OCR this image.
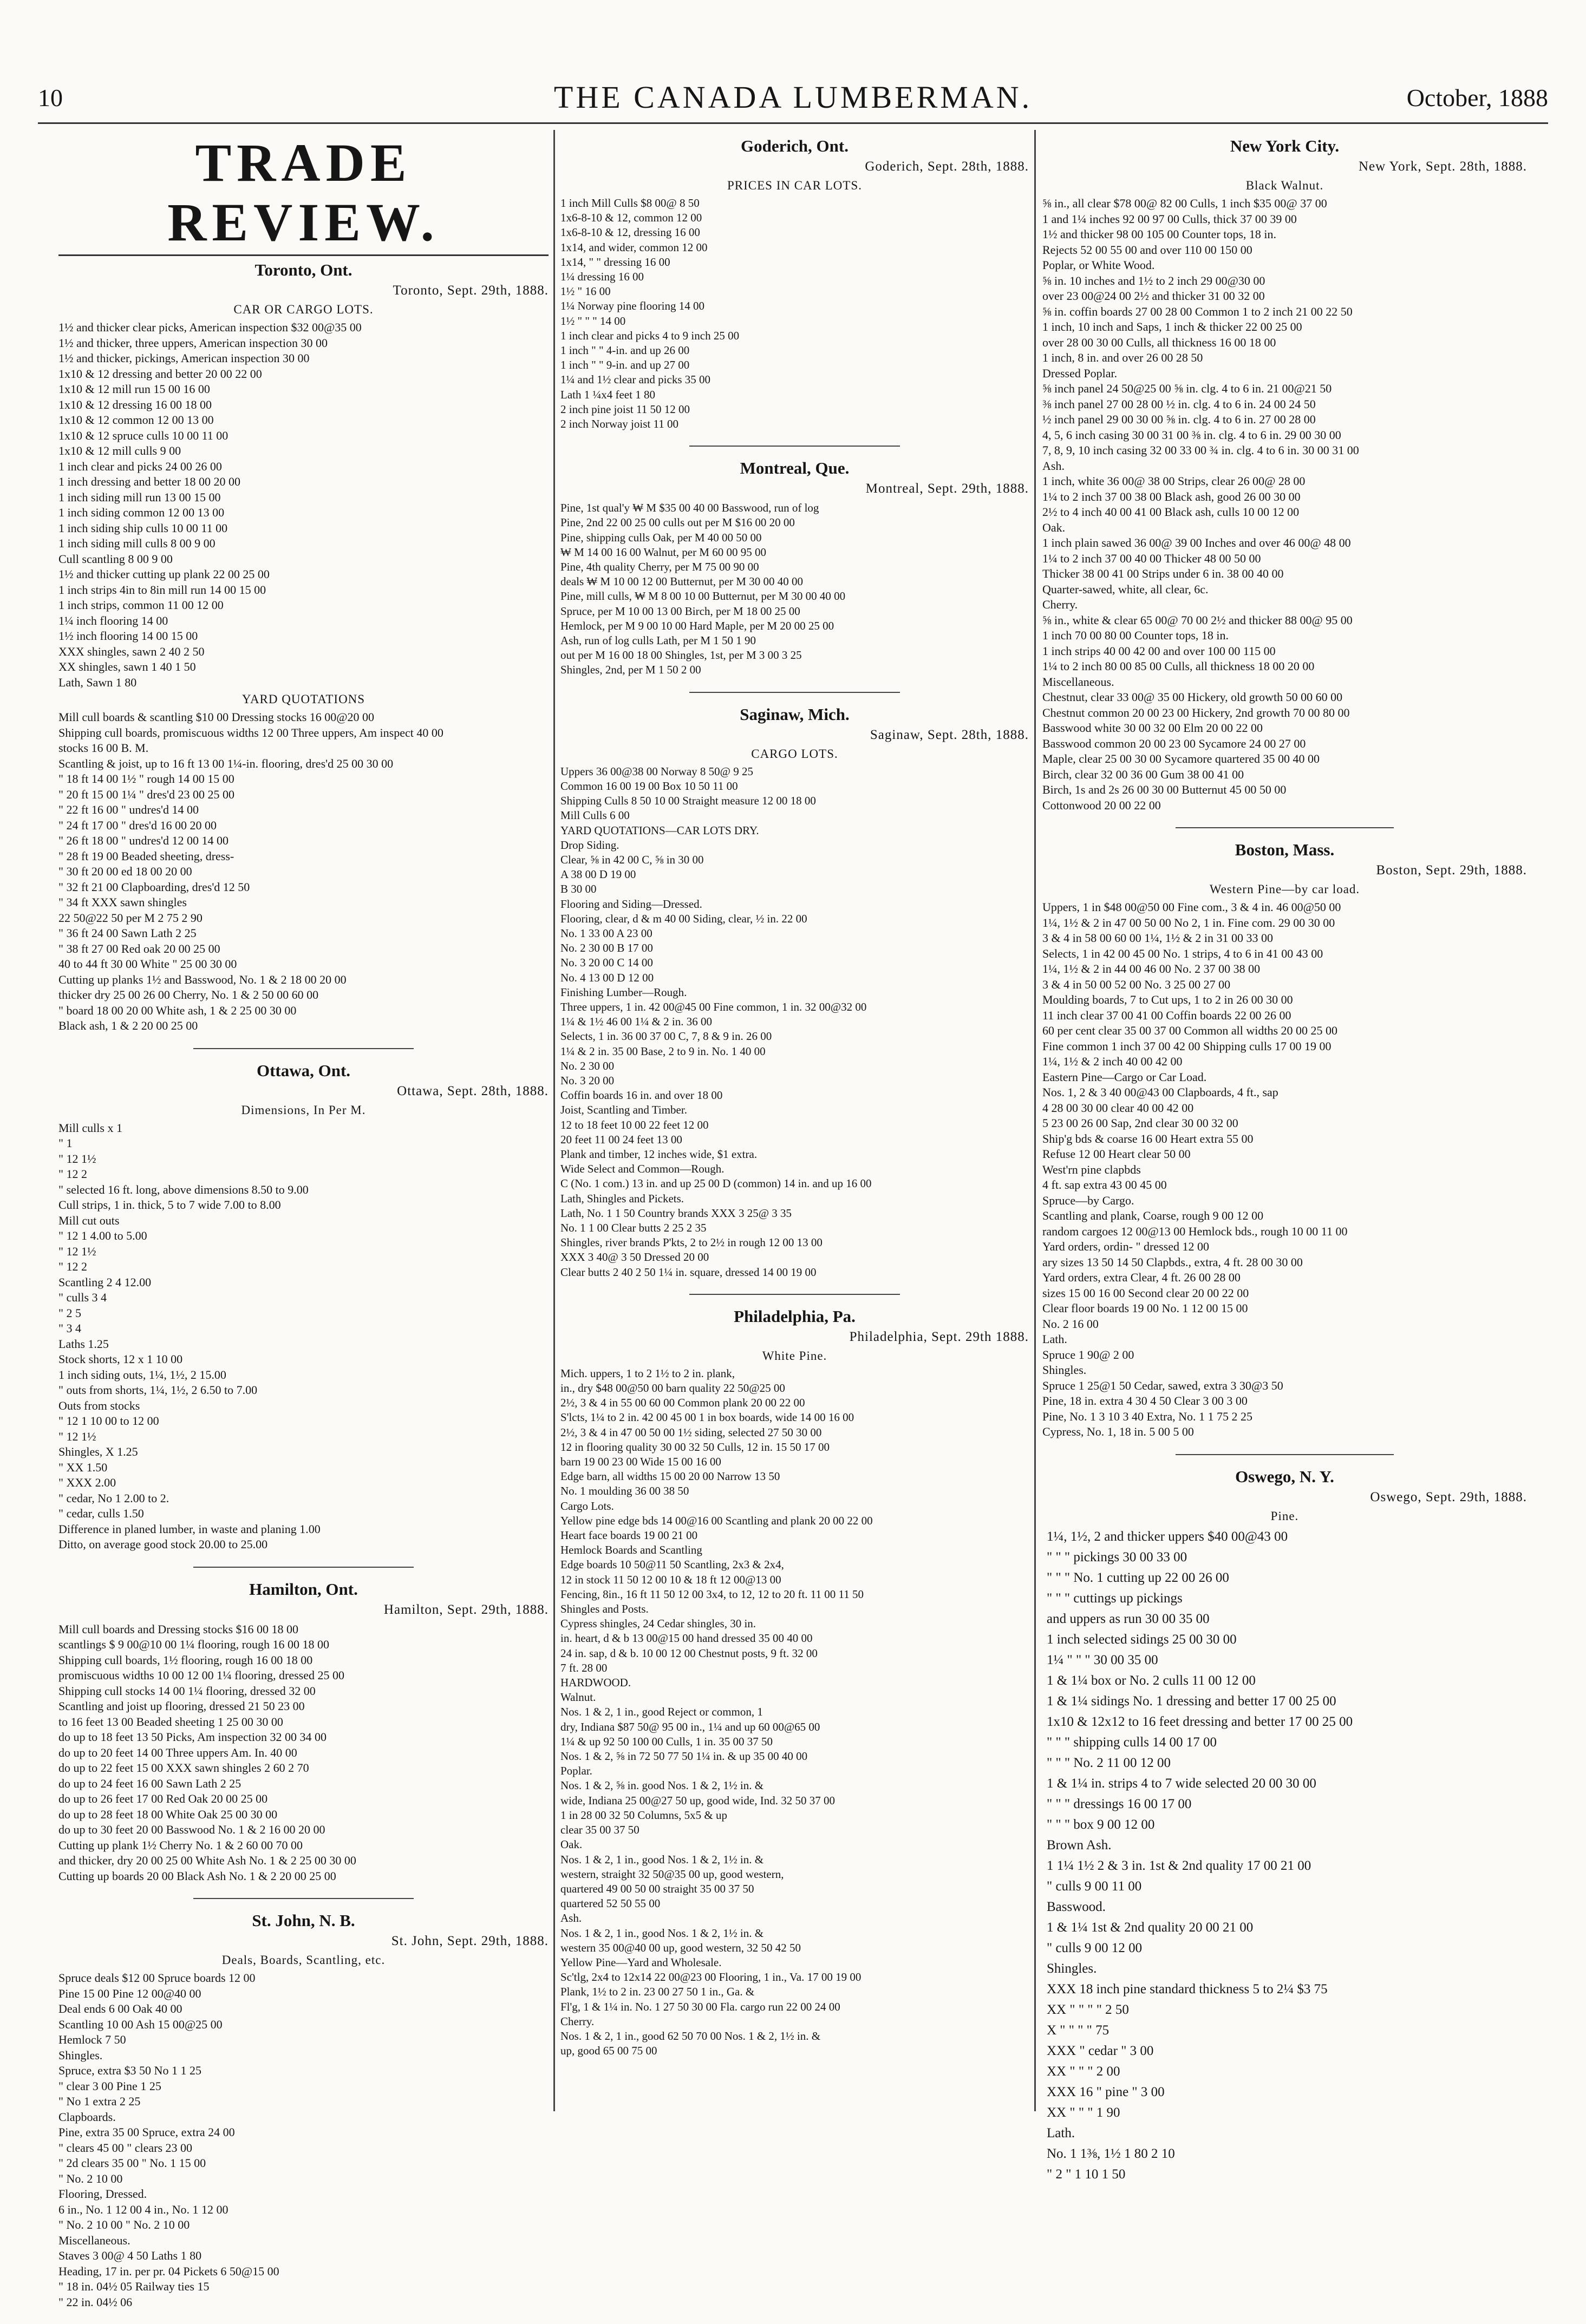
10	THE CANADA LUMBERMAN.	October, 1888
TRADE REVIEW.
Toronto, Ont.
Toronto, Sept. 29th, 1888.
CAR OR CARGO LOTS.
1½ and thicker clear picks, American inspection $32 00@35 00
1½ and thicker, three uppers, American inspection 30 00
1½ and thicker, pickings, American inspection 30 00
1x10 & 12 dressing and better 20 00 22 00
1x10 & 12 mill run 15 00 16 00
1x10 & 12 dressing 16 00 18 00
1x10 & 12 common 12 00 13 00
1x10 & 12 spruce culls 10 00 11 00
1x10 & 12 mill culls 9 00
1 inch clear and picks 24 00 26 00
1 inch dressing and better 18 00 20 00
1 inch siding mill run 13 00 15 00
1 inch siding common 12 00 13 00
1 inch siding ship culls 10 00 11 00
1 inch siding mill culls 8 00 9 00
Cull scantling 8 00 9 00
1½ and thicker cutting up plank 22 00 25 00
1 inch strips 4in to 8in mill run 14 00 15 00
1 inch strips, common 11 00 12 00
1¼ inch flooring 14 00
1½ inch flooring 14 00 15 00
XXX shingles, sawn 2 40 2 50
XX shingles, sawn 1 40 1 50
Lath, Sawn 1 80
YARD QUOTATIONS
Mill cull boards & scantling $10 00 Dressing stocks 16 00@20 00
Shipping cull boards, promiscuous widths 12 00 Three uppers, Am inspect 40 00
stocks 16 00 B. M.
Scantling & joist, up to 16 ft 13 00 1¼-in. flooring, dres'd 25 00 30 00
" 18 ft 14 00 1½ " rough 14 00 15 00
" 20 ft 15 00 1¼ " dres'd 23 00 25 00
" 22 ft 16 00 " undres'd 14 00
" 24 ft 17 00 " dres'd 16 00 20 00
" 26 ft 18 00 " undres'd 12 00 14 00
" 28 ft 19 00 Beaded sheeting, dress-
" 30 ft 20 00 ed 18 00 20 00
" 32 ft 21 00 Clapboarding, dres'd 12 50
" 34 ft XXX sawn shingles
22 50@22 50 per M 2 75 2 90
" 36 ft 24 00 Sawn Lath 2 25
" 38 ft 27 00 Red oak 20 00 25 00
40 to 44 ft 30 00 White " 25 00 30 00
Cutting up planks 1½ and Basswood, No. 1 & 2 18 00 20 00
thicker dry 25 00 26 00 Cherry, No. 1 & 2 50 00 60 00
" board 18 00 20 00 White ash, 1 & 2 25 00 30 00
Black ash, 1 & 2 20 00 25 00
Ottawa, Ont.
Ottawa, Sept. 28th, 1888.
Dimensions, In Per M.
Mill culls x 1
" 1
" 12 1½
" 12 2
" selected 16 ft. long, above dimensions 8.50 to 9.00
Cull strips, 1 in. thick, 5 to 7 wide 7.00 to 8.00
Mill cut outs
" 12 1 4.00 to 5.00
" 12 1½
" 12 2
Scantling 2 4 12.00
" culls 3 4
" 2 5
" 3 4
Laths 1.25
Stock shorts, 12 x 1 10 00
1 inch siding outs, 1¼, 1½, 2 15.00
" outs from shorts, 1¼, 1½, 2 6.50 to 7.00
Outs from stocks
" 12 1 10 00 to 12 00
" 12 1½
Shingles, X 1.25
" XX 1.50
" XXX 2.00
" cedar, No 1 2.00 to 2.
" cedar, culls 1.50
Difference in planed lumber, in waste and planing 1.00
Ditto, on average good stock 20.00 to 25.00
Hamilton, Ont.
Hamilton, Sept. 29th, 1888.
Mill cull boards and Dressing stocks $16 00 18 00
scantlings $ 9 00@10 00 1¼ flooring, rough 16 00 18 00
Shipping cull boards, 1½ flooring, rough 16 00 18 00
promiscuous widths 10 00 12 00 1¼ flooring, dressed 25 00
Shipping cull stocks 14 00 1¼ flooring, dressed 32 00
Scantling and joist up flooring, dressed 21 50 23 00
to 16 feet 13 00 Beaded sheeting 1 25 00 30 00
do up to 18 feet 13 50 Picks, Am inspection 32 00 34 00
do up to 20 feet 14 00 Three uppers Am. In. 40 00
do up to 22 feet 15 00 XXX sawn shingles 2 60 2 70
do up to 24 feet 16 00 Sawn Lath 2 25
do up to 26 feet 17 00 Red Oak 20 00 25 00
do up to 28 feet 18 00 White Oak 25 00 30 00
do up to 30 feet 20 00 Basswood No. 1 & 2 16 00 20 00
Cutting up plank 1½ Cherry No. 1 & 2 60 00 70 00
and thicker, dry 20 00 25 00 White Ash No. 1 & 2 25 00 30 00
Cutting up boards 20 00 Black Ash No. 1 & 2 20 00 25 00
St. John, N. B.
St. John, Sept. 29th, 1888.
Deals, Boards, Scantling, etc.
Spruce deals $12 00 Spruce boards 12 00
Pine 15 00 Pine 12 00@40 00
Deal ends 6 00 Oak 40 00
Scantling 10 00 Ash 15 00@25 00
Hemlock 7 50
Shingles.
Spruce, extra $3 50 No 1 1 25
" clear 3 00 Pine 1 25
" No 1 extra 2 25
Clapboards.
Pine, extra 35 00 Spruce, extra 24 00
" clears 45 00 " clears 23 00
" 2d clears 35 00 " No. 1 15 00
" No. 2 10 00
Flooring, Dressed.
6 in., No. 1 12 00 4 in., No. 1 12 00
" No. 2 10 00 " No. 2 10 00
Miscellaneous.
Staves 3 00@ 4 50 Laths 1 80
Heading, 17 in. per pr. 04 Pickets 6 50@15 00
" 18 in. 04½ 05 Railway ties 15
" 22 in. 04½ 06
Goderich, Ont.
Goderich, Sept. 28th, 1888.
PRICES IN CAR LOTS.
1 inch Mill Culls $8 00@ 8 50
1x6-8-10 & 12, common 12 00
1x6-8-10 & 12, dressing 16 00
1x14, and wider, common 12 00
1x14, " " dressing 16 00
1¼ dressing 16 00
1½ " 16 00
1¼ Norway pine flooring 14 00
1½ " " " 14 00
1 inch clear and picks 4 to 9 inch 25 00
1 inch " " 4-in. and up 26 00
1 inch " " 9-in. and up 27 00
1¼ and 1½ clear and picks 35 00
Lath 1 ¼x4 feet 1 80
2 inch pine joist 11 50 12 00
2 inch Norway joist 11 00
Montreal, Que.
Montreal, Sept. 29th, 1888.
Pine, 1st qual'y ₩ M $35 00 40 00 Basswood, run of log
Pine, 2nd 22 00 25 00 culls out per M $16 00 20 00
Pine, shipping culls Oak, per M 40 00 50 00
₩ M 14 00 16 00 Walnut, per M 60 00 95 00
Pine, 4th quality Cherry, per M 75 00 90 00
deals ₩ M 10 00 12 00 Butternut, per M 30 00 40 00
Pine, mill culls, ₩ M 8 00 10 00 Butternut, per M 30 00 40 00
Spruce, per M 10 00 13 00 Birch, per M 18 00 25 00
Hemlock, per M 9 00 10 00 Hard Maple, per M 20 00 25 00
Ash, run of log culls Lath, per M 1 50 1 90
out per M 16 00 18 00 Shingles, 1st, per M 3 00 3 25
Shingles, 2nd, per M 1 50 2 00
Saginaw, Mich.
Saginaw, Sept. 28th, 1888.
CARGO LOTS.
Uppers 36 00@38 00 Norway 8 50@ 9 25
Common 16 00 19 00 Box 10 50 11 00
Shipping Culls 8 50 10 00 Straight measure 12 00 18 00
Mill Culls 6 00
YARD QUOTATIONS—CAR LOTS DRY.
Drop Siding.
Clear, ⅝ in 42 00 C, ⅝ in 30 00
A 38 00 D 19 00
B 30 00
Flooring and Siding—Dressed.
Flooring, clear, d & m 40 00 Siding, clear, ½ in. 22 00
No. 1 33 00 A 23 00
No. 2 30 00 B 17 00
No. 3 20 00 C 14 00
No. 4 13 00 D 12 00
Finishing Lumber—Rough.
Three uppers, 1 in. 42 00@45 00 Fine common, 1 in. 32 00@32 00
1¼ & 1½ 46 00 1¼ & 2 in. 36 00
Selects, 1 in. 36 00 37 00 C, 7, 8 & 9 in. 26 00
1¼ & 2 in. 35 00 Base, 2 to 9 in. No. 1 40 00
No. 2 30 00
No. 3 20 00
Coffin boards 16 in. and over 18 00
Joist, Scantling and Timber.
12 to 18 feet 10 00 22 feet 12 00
20 feet 11 00 24 feet 13 00
Plank and timber, 12 inches wide, $1 extra.
Wide Select and Common—Rough.
C (No. 1 com.) 13 in. and up 25 00 D (common) 14 in. and up 16 00
Lath, Shingles and Pickets.
Lath, No. 1 1 50 Country brands XXX 3 25@ 3 35
No. 1 1 00 Clear butts 2 25 2 35
Shingles, river brands P'kts, 2 to 2½ in rough 12 00 13 00
XXX 3 40@ 3 50 Dressed 20 00
Clear butts 2 40 2 50 1¼ in. square, dressed 14 00 19 00
Philadelphia, Pa.
Philadelphia, Sept. 29th 1888.
White Pine.
Mich. uppers, 1 to 2 1½ to 2 in. plank,
in., dry $48 00@50 00 barn quality 22 50@25 00
2½, 3 & 4 in 55 00 60 00 Common plank 20 00 22 00
S'lcts, 1¼ to 2 in. 42 00 45 00 1 in box boards, wide 14 00 16 00
2½, 3 & 4 in 47 00 50 00 1½ siding, selected 27 50 30 00
12 in flooring quality 30 00 32 50 Culls, 12 in. 15 50 17 00
barn 19 00 23 00 Wide 15 00 16 00
Edge barn, all widths 15 00 20 00 Narrow 13 50
No. 1 moulding 36 00 38 50
Cargo Lots.
Yellow pine edge bds 14 00@16 00 Scantling and plank 20 00 22 00
Heart face boards 19 00 21 00
Hemlock Boards and Scantling
Edge boards 10 50@11 50 Scantling, 2x3 & 2x4,
12 in stock 11 50 12 00 10 & 18 ft 12 00@13 00
Fencing, 8in., 16 ft 11 50 12 00 3x4, to 12, 12 to 20 ft. 11 00 11 50
Shingles and Posts.
Cypress shingles, 24 Cedar shingles, 30 in.
in. heart, d & b 13 00@15 00 hand dressed 35 00 40 00
24 in. sap, d & b. 10 00 12 00 Chestnut posts, 9 ft. 32 00
7 ft. 28 00
HARDWOOD.
Walnut.
Nos. 1 & 2, 1 in., good Reject or common, 1
dry, Indiana $87 50@ 95 00 in., 1¼ and up 60 00@65 00
1¼ & up 92 50 100 00 Culls, 1 in. 35 00 37 50
Nos. 1 & 2, ⅝ in 72 50 77 50 1¼ in. & up 35 00 40 00
Poplar.
Nos. 1 & 2, ⅝ in. good Nos. 1 & 2, 1½ in. &
wide, Indiana 25 00@27 50 up, good wide, Ind. 32 50 37 00
1 in 28 00 32 50 Columns, 5x5 & up
clear 35 00 37 50
Oak.
Nos. 1 & 2, 1 in., good Nos. 1 & 2, 1½ in. &
western, straight 32 50@35 00 up, good western,
quartered 49 00 50 00 straight 35 00 37 50
quartered 52 50 55 00
Ash.
Nos. 1 & 2, 1 in., good Nos. 1 & 2, 1½ in. &
western 35 00@40 00 up, good western, 32 50 42 50
Yellow Pine—Yard and Wholesale.
Sc'tlg, 2x4 to 12x14 22 00@23 00 Flooring, 1 in., Va. 17 00 19 00
Plank, 1½ to 2 in. 23 00 27 50 1 in., Ga. &
Fl'g, 1 & 1¼ in. No. 1 27 50 30 00 Fla. cargo run 22 00 24 00
Cherry.
Nos. 1 & 2, 1 in., good 62 50 70 00 Nos. 1 & 2, 1½ in. &
up, good 65 00 75 00
New York City.
New York, Sept. 28th, 1888.
Black Walnut.
⅝ in., all clear $78 00@ 82 00 Culls, 1 inch $35 00@ 37 00
1 and 1¼ inches 92 00 97 00 Culls, thick 37 00 39 00
1½ and thicker 98 00 105 00 Counter tops, 18 in.
Rejects 52 00 55 00 and over 110 00 150 00
Poplar, or White Wood.
⅝ in. 10 inches and 1½ to 2 inch 29 00@30 00
over 23 00@24 00 2½ and thicker 31 00 32 00
⅝ in. coffin boards 27 00 28 00 Common 1 to 2 inch 21 00 22 50
1 inch, 10 inch and Saps, 1 inch & thicker 22 00 25 00
over 28 00 30 00 Culls, all thickness 16 00 18 00
1 inch, 8 in. and over 26 00 28 50
Dressed Poplar.
⅝ inch panel 24 50@25 00 ⅝ in. clg. 4 to 6 in. 21 00@21 50
⅜ inch panel 27 00 28 00 ½ in. clg. 4 to 6 in. 24 00 24 50
½ inch panel 29 00 30 00 ⅝ in. clg. 4 to 6 in. 27 00 28 00
4, 5, 6 inch casing 30 00 31 00 ⅜ in. clg. 4 to 6 in. 29 00 30 00
7, 8, 9, 10 inch casing 32 00 33 00 ¾ in. clg. 4 to 6 in. 30 00 31 00
Ash.
1 inch, white 36 00@ 38 00 Strips, clear 26 00@ 28 00
1¼ to 2 inch 37 00 38 00 Black ash, good 26 00 30 00
2½ to 4 inch 40 00 41 00 Black ash, culls 10 00 12 00
Oak.
1 inch plain sawed 36 00@ 39 00 Inches and over 46 00@ 48 00
1¼ to 2 inch 37 00 40 00 Thicker 48 00 50 00
Thicker 38 00 41 00 Strips under 6 in. 38 00 40 00
Quarter-sawed, white, all clear, 6c.
Cherry.
⅝ in., white & clear 65 00@ 70 00 2½ and thicker 88 00@ 95 00
1 inch 70 00 80 00 Counter tops, 18 in.
1 inch strips 40 00 42 00 and over 100 00 115 00
1¼ to 2 inch 80 00 85 00 Culls, all thickness 18 00 20 00
Miscellaneous.
Chestnut, clear 33 00@ 35 00 Hickery, old growth 50 00 60 00
Chestnut common 20 00 23 00 Hickery, 2nd growth 70 00 80 00
Basswood white 30 00 32 00 Elm 20 00 22 00
Basswood common 20 00 23 00 Sycamore 24 00 27 00
Maple, clear 25 00 30 00 Sycamore quartered 35 00 40 00
Birch, clear 32 00 36 00 Gum 38 00 41 00
Birch, 1s and 2s 26 00 30 00 Butternut 45 00 50 00
Cottonwood 20 00 22 00
Boston, Mass.
Boston, Sept. 29th, 1888.
Western Pine—by car load.
Uppers, 1 in $48 00@50 00 Fine com., 3 & 4 in. 46 00@50 00
1¼, 1½ & 2 in 47 00 50 00 No 2, 1 in. Fine com. 29 00 30 00
3 & 4 in 58 00 60 00 1¼, 1½ & 2 in 31 00 33 00
Selects, 1 in 42 00 45 00 No. 1 strips, 4 to 6 in 41 00 43 00
1¼, 1½ & 2 in 44 00 46 00 No. 2 37 00 38 00
3 & 4 in 50 00 52 00 No. 3 25 00 27 00
Moulding boards, 7 to Cut ups, 1 to 2 in 26 00 30 00
11 inch clear 37 00 41 00 Coffin boards 22 00 26 00
60 per cent clear 35 00 37 00 Common all widths 20 00 25 00
Fine common 1 inch 37 00 42 00 Shipping culls 17 00 19 00
1¼, 1½ & 2 inch 40 00 42 00
Eastern Pine—Cargo or Car Load.
Nos. 1, 2 & 3 40 00@43 00 Clapboards, 4 ft., sap
4 28 00 30 00 clear 40 00 42 00
5 23 00 26 00 Sap, 2nd clear 30 00 32 00
Ship'g bds & coarse 16 00 Heart extra 55 00
Refuse 12 00 Heart clear 50 00
West'rn pine clapbds
4 ft. sap extra 43 00 45 00
Spruce—by Cargo.
Scantling and plank, Coarse, rough 9 00 12 00
random cargoes 12 00@13 00 Hemlock bds., rough 10 00 11 00
Yard orders, ordin- " dressed 12 00
ary sizes 13 50 14 50 Clapbds., extra, 4 ft. 28 00 30 00
Yard orders, extra Clear, 4 ft. 26 00 28 00
sizes 15 00 16 00 Second clear 20 00 22 00
Clear floor boards 19 00 No. 1 12 00 15 00
No. 2 16 00
Lath.
Spruce 1 90@ 2 00
Shingles.
Spruce 1 25@1 50 Cedar, sawed, extra 3 30@3 50
Pine, 18 in. extra 4 30 4 50 Clear 3 00 3 00
Pine, No. 1 3 10 3 40 Extra, No. 1 1 75 2 25
Cypress, No. 1, 18 in. 5 00 5 00
Oswego, N. Y.
Oswego, Sept. 29th, 1888.
Pine.
1¼, 1½, 2 and thicker uppers $40 00@43 00
" " " pickings 30 00 33 00
" " " No. 1 cutting up 22 00 26 00
" " " cuttings up pickings
and uppers as run 30 00 35 00
1 inch selected sidings 25 00 30 00
1¼ " " " 30 00 35 00
1 & 1¼ box or No. 2 culls 11 00 12 00
1 & 1¼ sidings No. 1 dressing and better 17 00 25 00
1x10 & 12x12 to 16 feet dressing and better 17 00 25 00
" " " shipping culls 14 00 17 00
" " " No. 2 11 00 12 00
1 & 1¼ in. strips 4 to 7 wide selected 20 00 30 00
" " " dressings 16 00 17 00
" " " box 9 00 12 00
Brown Ash.
1 1¼ 1½ 2 & 3 in. 1st & 2nd quality 17 00 21 00
" culls 9 00 11 00
Basswood.
1 & 1¼ 1st & 2nd quality 20 00 21 00
" culls 9 00 12 00
Shingles.
XXX 18 inch pine standard thickness 5 to 2¼ $3 75
XX " " " " 2 50
X " " " " 75
XXX " cedar " 3 00
XX " " " 2 00
XXX 16 " pine " 3 00
XX " " " 1 90
Lath.
No. 1 1⅜, 1½ 1 80 2 10
" 2 " 1 10 1 50
